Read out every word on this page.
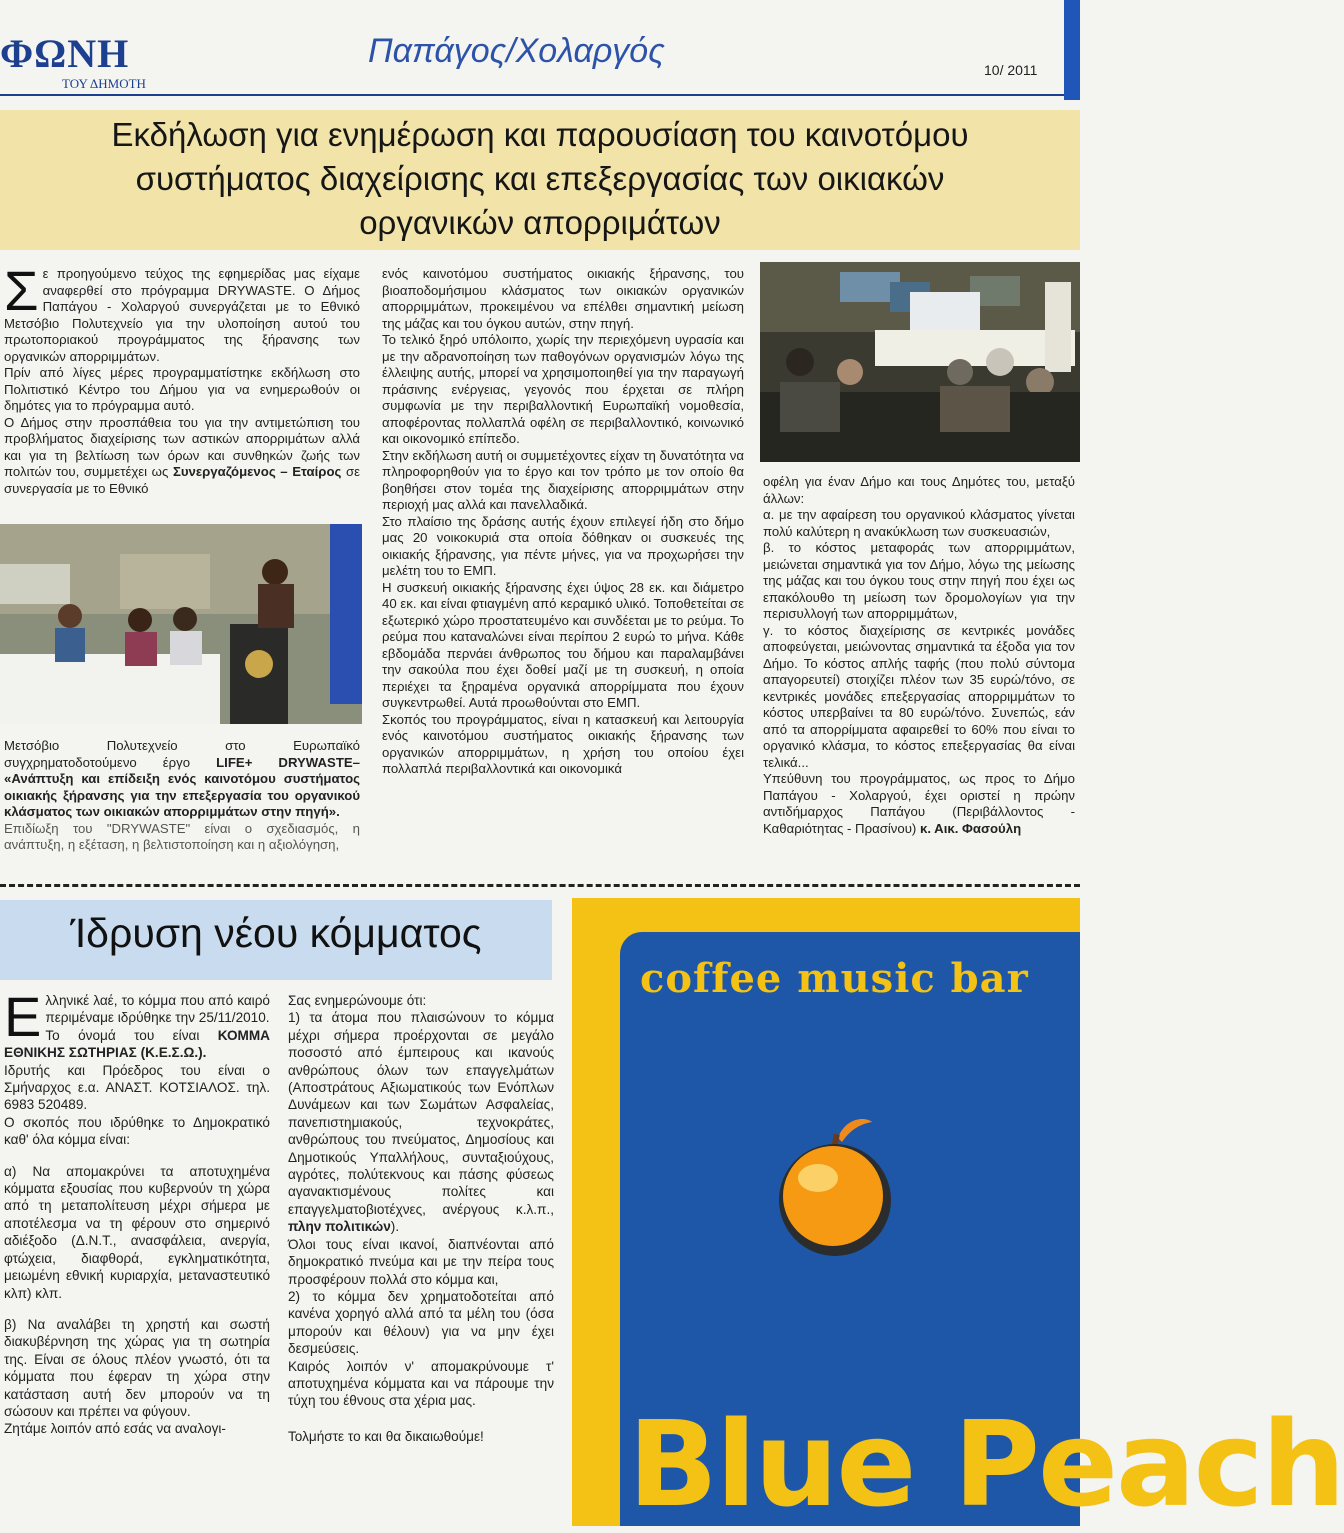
ΦΩΝΗ
ΤΟΥ ΔΗΜΟΤΗ
Παπάγος/Χολαργός	10/ 2011
Εκδήλωση για ενημέρωση και παρουσίαση του καινοτόμου
συστήματος διαχείρισης και επεξεργασίας των οικιακών
οργανικών απορριμάτων
Σ ε προηγούμενο τεύχος της εφημερίδας μας είχαμε αναφερθεί στο πρόγραμμα DRYWASTE. Ο Δήμος Παπάγου - Χολαργού συνεργάζεται με το Εθνικό Μετσόβιο Πολυτεχνείο για την υλοποίηση αυτού του πρωτοποριακού προγράμματος της ξήρανσης των οργανικών απορριμμάτων.

Πρίν από λίγες μέρες προγραμματίστηκε εκδήλωση στο Πολιτιστικό Κέντρο του Δήμου για να ενημερωθούν οι δημότες για το πρόγραμμα αυτό.

Ο Δήμος στην προσπάθεια του για την αντιμετώπιση του προβλήματος διαχείρισης των αστικών απορριμάτων αλλά και για τη βελτίωση των όρων και συνθηκών ζωής των πολιτών του, συμμετέχει ως Συνεργαζόμενος – Εταίρος σε συνεργασία με το Εθνικό

Μετσόβιο Πολυτεχνείο στο Ευρωπαϊκό συγχρηματοδοτούμενο έργο LIFE+ DRYWASTE– «Ανάπτυξη και επίδειξη ενός καινοτόμου συστήματος οικιακής ξήρανσης για την επεξεργασία του οργανικού κλάσματος των οικιακών απορριμμάτων στην πηγή».

Επιδίωξη του "DRYWASTE" είναι ο σχεδιασμός, η ανάπτυξη, η εξέταση, η βελτιστοποίηση και η αξιολόγηση,

ενός καινοτόμου συστήματος οικιακής ξήρανσης, του βιοαποδομήσιμου κλάσματος των οικιακών οργανικών απορριμμάτων, προκειμένου να επέλθει σημαντική μείωση της μάζας και του όγκου αυτών, στην πηγή.

Το τελικό ξηρό υπόλοιπο, χωρίς την περιεχόμενη υγρασία και με την αδρανοποίηση των παθογόνων οργανισμών λόγω της έλλειψης αυτής, μπορεί να χρησιμοποιηθεί για την παραγωγή πράσινης ενέργειας, γεγονός που έρχεται σε πλήρη συμφωνία με την περιβαλλοντική Ευρωπαϊκή νομοθεσία, αποφέροντας πολλαπλά οφέλη σε περιβαλλοντικό, κοινωνικό και οικονομικό επίπεδο.

Στην εκδήλωση αυτή οι συμμετέχοντες είχαν τη δυνατότητα να πληροφορηθούν για το έργο και τον τρόπο με τον οποίο θα βοηθήσει στον τομέα της διαχείρισης απορριμμάτων στην περιοχή μας αλλά και πανελλαδικά.

Στο πλαίσιο της δράσης αυτής έχουν επιλεγεί ήδη στο δήμο μας 20 νοικοκυριά στα οποία δόθηκαν οι συσκευές της οικιακής ξήρανσης, για πέντε μήνες, για να προχωρήσει την μελέτη του το ΕΜΠ.

Η συσκευή οικιακής ξήρανσης έχει ύψος 28 εκ. και διάμετρο 40 εκ. και είναι φτιαγμένη από κεραμικό υλικό. Τοποθετείται σε εξωτερικό χώρο προστατευμένο και συνδέεται με το ρεύμα. Το ρεύμα που καταναλώνει είναι περίπου 2 ευρώ το μήνα. Κάθε εβδομάδα περνάει άνθρωπος του δήμου και παραλαμβάνει την σακούλα που έχει δοθεί μαζί με τη συσκευή, η οποία περιέχει τα ξηραμένα οργανικά απορρίμματα που έχουν συγκεντρωθεί. Αυτά προωθούνται στο ΕΜΠ.

Σκοπός του προγράμματος, είναι η κατασκευή και λειτουργία ενός καινοτόμου συστήματος οικιακής ξήρανσης των οργανικών απορριμμάτων, η χρήση του οποίου έχει πολλαπλά περιβαλλοντικά και οικονομικά

οφέλη για έναν Δήμο και τους Δημότες του, μεταξύ άλλων:

α. με την αφαίρεση του οργανικού κλάσματος γίνεται πολύ καλύτερη η ανακύκλωση των συσκευασιών,

β. το κόστος μεταφοράς των απορριμμάτων, μειώνεται σημαντικά για τον Δήμο, λόγω της μείωσης της μάζας και του όγκου τους στην πηγή που έχει ως επακόλουθο τη μείωση των δρομολογίων για την περισυλλογή των απορριμμάτων,

γ. το κόστος διαχείρισης σε κεντρικές μονάδες αποφεύγεται, μειώνοντας σημαντικά τα έξοδα για τον Δήμο. Το κόστος απλής ταφής (που πολύ σύντομα απαγορευτεί) στοιχίζει πλέον των 35 ευρώ/τόνο, σε κεντρικές μονάδες επεξεργασίας απορριμμάτων το κόστος υπερβαίνει τα 80 ευρώ/τόνο. Συνεπώς, εάν από τα απορρίμματα αφαιρεθεί το 60% που είναι το οργανικό κλάσμα, το κόστος επεξεργασίας θα είναι τελικά...

Υπεύθυνη του προγράμματος, ως προς το Δήμο Παπάγου - Χολαργού, έχει οριστεί η πρώην αντιδήμαρχος Παπάγου (Περιβάλλοντος - Καθαριότητας - Πρασίνου) κ. Αικ. Φασούλη

Ίδρυση νέου κόμματος
Ε λληνικέ λαέ, το κόμμα που από καιρό περιμέναμε ιδρύθηκε την 25/11/2010.

Το όνομά του είναι ΚΟΜΜΑ ΕΘΝΙΚΗΣ ΣΩΤΗΡΙΑΣ (Κ.Ε.Σ.Ω.).

Ιδρυτής και Πρόεδρος του είναι ο Σμήναρχος ε.α. ΑΝΑΣΤ. ΚΟΤΣΙΑΛΟΣ. τηλ. 6983 520489.

Ο σκοπός που ιδρύθηκε το Δημοκρατικό καθ' όλα κόμμα είναι:

α) Να απομακρύνει τα αποτυχημένα κόμματα εξουσίας που κυβερνούν τη χώρα από τη μεταπολίτευση μέχρι σήμερα με αποτέλεσμα να τη φέρουν στο σημερινό αδιέξοδο (Δ.Ν.Τ., ανασφάλεια, ανεργία, φτώχεια, διαφθορά, εγκληματικότητα, μειωμένη εθνική κυριαρχία, μεταναστευτικό κλπ) κλπ.

β) Να αναλάβει τη χρηστή και σωστή διακυβέρνηση της χώρας για τη σωτηρία της. Είναι σε όλους πλέον γνωστό, ότι τα κόμματα που έφεραν τη χώρα στην κατάσταση αυτή δεν μπορούν να τη σώσουν και πρέπει να φύγουν.

Ζητάμε λοιπόν από εσάς να αναλογι-

Σας ενημερώνουμε ότι:

1) τα άτομα που πλαισώνουν το κόμμα μέχρι σήμερα προέρχονται σε μεγάλο ποσοστό από έμπειρους και ικανούς ανθρώπους όλων των επαγγελμάτων (Αποστράτους Αξιωματικούς των Ενόπλων Δυνάμεων και των Σωμάτων Ασφαλείας, πανεπιστημιακούς, τεχνοκράτες, ανθρώπους του πνεύματος, Δημοσίους και Δημοτικούς Υπαλλήλους, συνταξιούχους, αγρότες, πολύτεκνους και πάσης φύσεως αγανακτισμένους πολίτες και επαγγελματοβιοτέχνες, ανέργους κ.λ.π., πλην πολιτικών).

Όλοι τους είναι ικανοί, διαπνέονται από δημοκρατικό πνεύμα και με την πείρα τους προσφέρουν πολλά στο κόμμα και,

2) το κόμμα δεν χρηματοδοτείται από κανένα χορηγό αλλά από τα μέλη του (όσα μπορούν και θέλουν) για να μην έχει δεσμεύσεις.

Καιρός λοιπόν ν' απομακρύνουμε τ' αποτυχημένα κόμματα και να πάρουμε την τύχη του έθνους στα χέρια μας.

Τολμήστε το και θα δικαιωθούμε!

coffee music bar
Blue Peach
